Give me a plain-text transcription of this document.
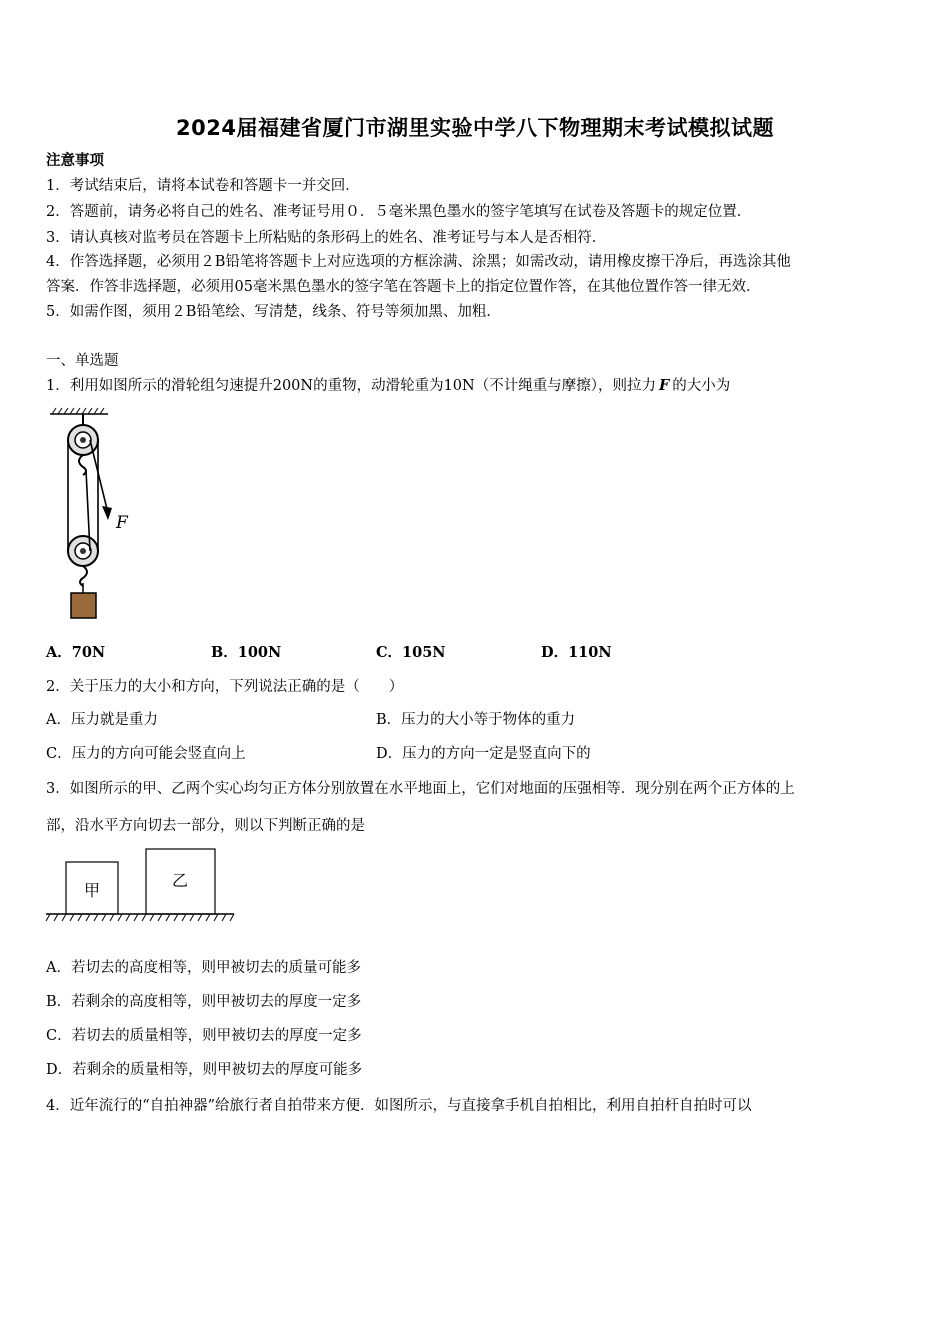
2024届福建省厦门市湖里实验中学八下物理期末考试模拟试题
注意事项
1．考试结束后，请将本试卷和答题卡一并交回．
2．答题前，请务必将自己的姓名、准考证号用０．５毫米黑色墨水的签字笔填写在试卷及答题卡的规定位置．
3．请认真核对监考员在答题卡上所粘贴的条形码上的姓名、准考证号与本人是否相符．
4．作答选择题，必须用２B铅笔将答题卡上对应选项的方框涂满、涂黑；如需改动，请用橡皮擦干净后，再选涂其他
答案．作答非选择题，必须用05毫米黑色墨水的签字笔在答题卡上的指定位置作答，在其他位置作答一律无效．
5．如需作图，须用２B铅笔绘、写清楚，线条、符号等须加黑、加粗．
一、单选题
1．利用如图所示的滑轮组匀速提升200N的重物，动滑轮重为10N（不计绳重与摩擦），则拉力 F 的大小为
F
A．70N	B．100N	C．105N	D．110N
2．关于压力的大小和方向，下列说法正确的是（　　）
A．压力就是重力	B．压力的大小等于物体的重力
C．压力的方向可能会竖直向上	D．压力的方向一定是竖直向下的
3．如图所示的甲、乙两个实心均匀正方体分别放置在水平地面上，它们对地面的压强相等．现分别在两个正方体的上
部，沿水平方向切去一部分，则以下判断正确的是
甲
乙
A．若切去的高度相等，则甲被切去的质量可能多
B．若剩余的高度相等，则甲被切去的厚度一定多
C．若切去的质量相等，则甲被切去的厚度一定多
D．若剩余的质量相等，则甲被切去的厚度可能多
4．近年流行的“自拍神器”给旅行者自拍带来方便．如图所示，与直接拿手机自拍相比，利用自拍杆自拍时可以
